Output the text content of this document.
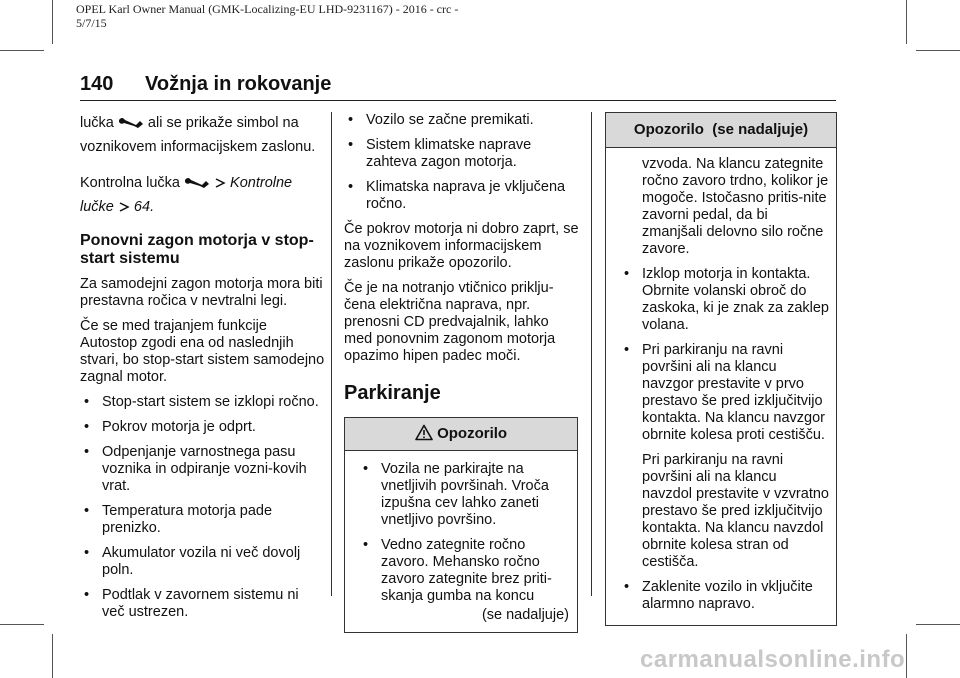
OPEL Karl Owner Manual (GMK-Localizing-EU LHD-9231167) - 2016 - crc -
5/7/15
140 Vožnja in rokovanje

lučka ali se prikaže simbol na voznikovem informacijskem zaslonu.

Kontrolna lučka	Kontrolne lučke 64.

Ponovni zagon motorja v stop-start sistemu

Za samodejni zagon motorja mora biti prestavna ročica v nevtralni legi.

Če se med trajanjem funkcije Autostop zgodi ena od naslednjih stvari, bo stop-start sistem samodejno zagnal motor.

• Stop-start sistem se izklopi ročno.
• Pokrov motorja je odprt.
• Odpenjanje varnostnega pasu voznika in odpiranje vozni-kovih vrat.
• Temperatura motorja pade prenizko.
• Akumulator vozila ni več dovolj poln.
• Podtlak v zavornem sistemu ni več ustrezen.
• Vozilo se začne premikati.
• Sistem klimatske naprave zahteva zagon motorja.
• Klimatska naprava je vključena ročno.

Če pokrov motorja ni dobro zaprt, se na voznikovem informacijskem zaslonu prikaže opozorilo.

Če je na notranjo vtičnico priklju-čena električna naprava, npr. prenosni CD predvajalnik, lahko med ponovnim zagonom motorja opazimo hipen padec moči.

Parkiranje
Opozorilo
• Vozila ne parkirajte na vnetljivih površinah. Vroča izpušna cev lahko zaneti vnetljivo površino.
• Vedno zategnite ročno zavoro. Mehansko ročno zavoro zategnite brez priti-skanja gumba na koncu
(se nadaljuje)
Opozorilo  (se nadaljuje)

vzvoda. Na klancu zategnite ročno zavoro trdno, kolikor je mogoče. Istočasno pritis-nite zavorni pedal, da bi zmanjšali delovno silo ročne zavore.

• Izklop motorja in kontakta. Obrnite volanski obroč do zaskoka, ki je znak za zaklep volana.
• Pri parkiranju na ravni površini ali na klancu navzgor prestavite v prvo prestavo še pred izključitvijo kontakta. Na klancu navzgor obrnite kolesa proti cestišču.

Pri parkiranju na ravni površini ali na klancu navzdol prestavite v vzvratno prestavo še pred izključitvijo kontakta. Na klancu navzdol obrnite kolesa stran od cestišča.

• Zaklenite vozilo in vključite alarmno napravo.
carmanualsonline.info
